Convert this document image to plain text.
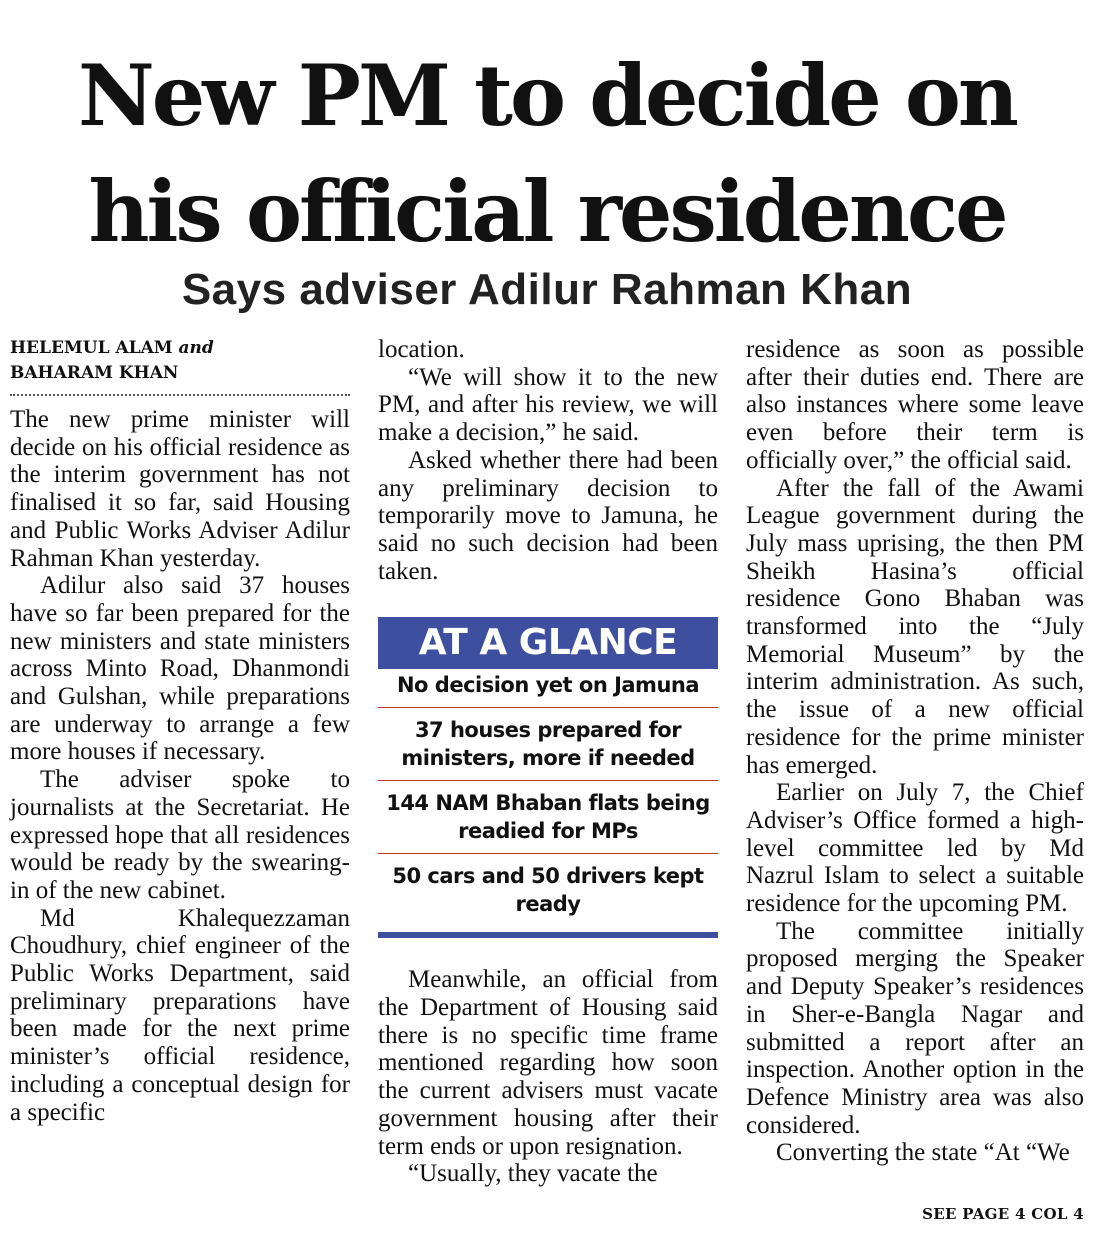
New PM to decide on
his official residence
Says adviser Adilur Rahman Khan
HELEMUL ALAM and
BAHARAM KHAN

The new prime minister will decide on his official residence as the interim government has not finalised it so far, said Housing and Public Works Adviser Adilur Rahman Khan yesterday.

Adilur also said 37 houses have so far been prepared for the new ministers and state ministers across Minto Road, Dhanmondi and Gulshan, while preparations are underway to arrange a few more houses if necessary.

The adviser spoke to journalists at the Secretariat. He expressed hope that all residences would be ready by the swearing-in of the new cabinet.

Md Khalequezzaman Choudhury, chief engineer of the Public Works Department, said preliminary preparations have been made for the next prime minister’s official residence, including a conceptual design for a specific

location.

“We will show it to the new PM, and after his review, we will make a decision,” he said.

Asked whether there had been any preliminary decision to temporarily move to Jamuna, he said no such decision had been taken.

AT A GLANCE
No decision yet on Jamuna
37 houses prepared for ministers, more if needed
144 NAM Bhaban flats being readied for MPs
50 cars and 50 drivers kept ready

Meanwhile, an official from the Department of Housing said there is no specific time frame mentioned regarding how soon the current advisers must vacate government housing after their term ends or upon resignation.

“Usually, they vacate the

residence as soon as possible after their duties end. There are also instances where some leave even before their term is officially over,” the official said.

After the fall of the Awami League government during the July mass uprising, the then PM Sheikh Hasina’s official residence Gono Bhaban was transformed into the “July Memorial Museum” by the interim administration. As such, the issue of a new official residence for the prime minister has emerged.

Earlier on July 7, the Chief Adviser’s Office formed a high-level committee led by Md Nazrul Islam to select a suitable residence for the upcoming PM.

The committee initially proposed merging the Speaker and Deputy Speaker’s residences in Sher-e-Bangla Nagar and submitted a report after an inspection. Another option in the Defence Ministry area was also considered.

Converting the state “At “We

SEE PAGE 4 COL 4
